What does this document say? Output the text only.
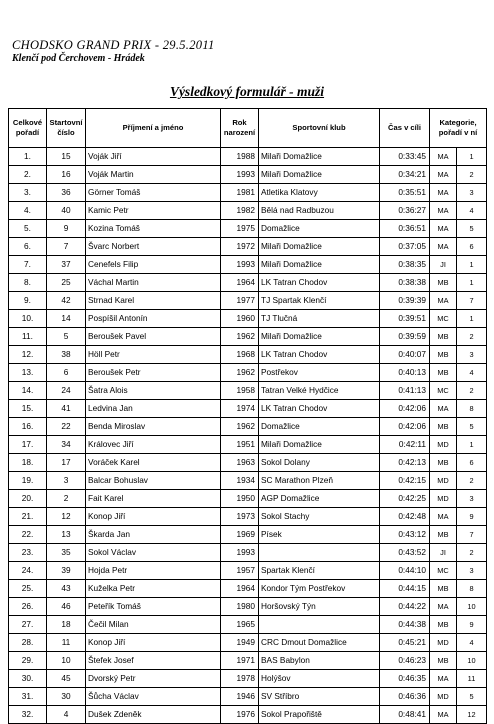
CHODSKO GRAND PRIX - 29.5.2011
Klenčí pod Čerchovem - Hrádek
Výsledkový formulář - muži
Celkové pořadí	Startovní číslo	Příjmení a jméno	Rok narození	Sportovní klub	Čas v cíli	Kategorie, pořadí v ní	
1.	15	Voják Jiří	1988	Milaři Domažlice	0:33:45	MA	1
2.	16	Voják Martin	1993	Milaři Domažlice	0:34:21	MA	2
3.	36	Görner Tomáš	1981	Atletika Klatovy	0:35:51	MA	3
4.	40	Kamic Petr	1982	Bělá nad Radbuzou	0:36:27	MA	4
5.	9	Kozina Tomáš	1975	Domažlice	0:36:51	MA	5
6.	7	Švarc Norbert	1972	Milaři Domažlice	0:37:05	MA	6
7.	37	Cenefels Filip	1993	Milaři Domažlice	0:38:35	JI	1
8.	25	Váchal Martin	1964	LK Tatran Chodov	0:38:38	MB	1
9.	42	Strnad Karel	1977	TJ Spartak Klenčí	0:39:39	MA	7
10.	14	Pospíšil Antonín	1960	TJ Tlučná	0:39:51	MC	1
11.	5	Beroušek Pavel	1962	Milaři Domažlice	0:39:59	MB	2
12.	38	Höll Petr	1968	LK Tatran Chodov	0:40:07	MB	3
13.	6	Beroušek Petr	1962	Postřekov	0:40:13	MB	4
14.	24	Šatra Alois	1958	Tatran Velké Hydčice	0:41:13	MC	2
15.	41	Ledvina Jan	1974	LK Tatran Chodov	0:42:06	MA	8
16.	22	Benda Miroslav	1962	Domažlice	0:42:06	MB	5
17.	34	Královec Jiří	1951	Milaři Domažlice	0:42:11	MD	1
18.	17	Voráček Karel	1963	Sokol Dolany	0:42:13	MB	6
19.	3	Balcar Bohuslav	1934	SC Marathon Plzeň	0:42:15	MD	2
20.	2	Fait Karel	1950	AGP Domažlice	0:42:25	MD	3
21.	12	Konop Jiří	1973	Sokol Stachy	0:42:48	MA	9
22.	13	Škarda Jan	1969	Písek	0:43:12	MB	7
23.	35	Sokol Václav	1993		0:43:52	JI	2
24.	39	Hojda Petr	1957	Spartak Klenčí	0:44:10	MC	3
25.	43	Kuželka Petr	1964	Kondor Tým Postřekov	0:44:15	MB	8
26.	46	Peteřík Tomáš	1980	Horšovský Týn	0:44:22	MA	10
27.	18	Čečil Milan	1965		0:44:38	MB	9
28.	11	Konop Jiří	1949	CRC Dmout Domažlice	0:45:21	MD	4
29.	10	Štefek Josef	1971	BAS Babylon	0:46:23	MB	10
30.	45	Dvorský Petr	1978	Holýšov	0:46:35	MA	11
31.	30	Šůcha Václav	1946	SV Stříbro	0:46:36	MD	5
32.	4	Dušek Zdeněk	1976	Sokol Prapořiště	0:48:41	MA	12
